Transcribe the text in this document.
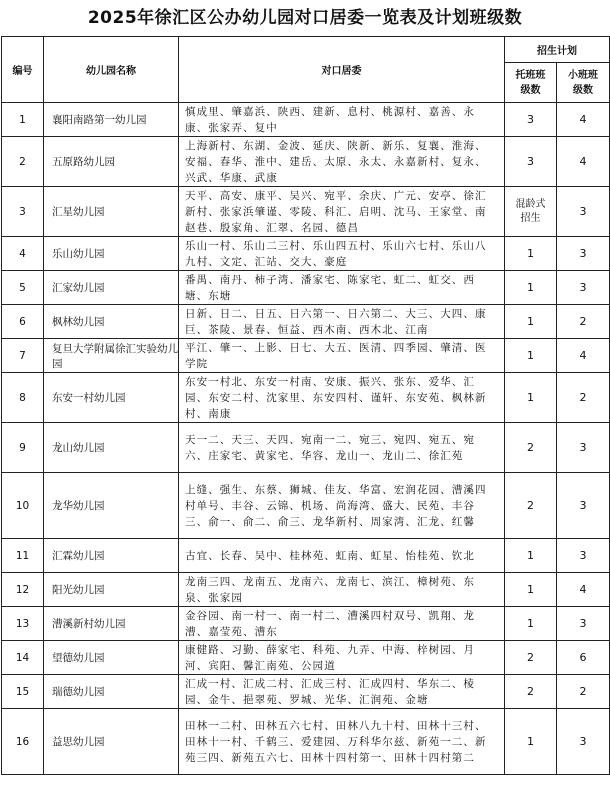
2025年徐汇区公办幼儿园对口居委一览表及计划班级数
编号	幼儿园名称	对口居委	招生计划	
			托班班级数	小班班级数
1	襄阳南路第一幼儿园	慎成里、肇嘉浜、陕西、建新、息村、桃源村、嘉善、永康、张家弄、复中	3	4
2	五原路幼儿园	上海新村、东湖、金波、延庆、陕新、新乐、复襄、淮海、安福、春华、淮中、建岳、太原、永太、永嘉新村、复永、兴武、华康、武康	3	4
3	汇星幼儿园	天平、高安、康平、吴兴、宛平、余庆、广元、安亭、徐汇新村、张家浜肇谨、零陵、科汇、启明、沈马、王家堂、南赵巷、殷家角、汇翠、名园、德昌	混龄式招生	3
4	乐山幼儿园	乐山一村、乐山二三村、乐山四五村、乐山六七村、乐山八九村、文定、汇站、交大、豪庭	1	3
5	汇家幼儿园	番禺、南丹、柿子湾、潘家宅、陈家宅、虹二、虹交、西塘、东塘	1	3
6	枫林幼儿园	日新、日二、日五、日六第一、日六第二、大三、大四、康巨、茶陵、景春、恒益、西木南、西木北、江南	1	2
7	复旦大学附属徐汇实验幼儿园	平江、肇一、上影、日七、大五、医清、四季园、肇清、医学院	1	4
8	东安一村幼儿园	东安一村北、东安一村南、安康、振兴、张东、爱华、汇园、东安二村、沈家里、东安四村、谨轩、东安苑、枫林新村、南康	1	2
9	龙山幼儿园	天一二、天三、天四、宛南一二、宛三、宛四、宛五、宛六、庄家宅、黄家宅、华容、龙山一、龙山二、徐汇苑	2	3
10	龙华幼儿园	上缝、强生、东蔡、狮城、佳友、华富、宏润花园、漕溪四村单号、丰谷、云锦、机场、尚海湾、盛大、民苑、丰谷三、俞一、俞二、俞三、龙华新村、周家湾、汇龙、红馨	2	3
11	汇霖幼儿园	古宜、长春、吴中、桂林苑、虹南、虹星、怡桂苑、钦北	1	3
12	阳光幼儿园	龙南三四、龙南五、龙南六、龙南七、滨江、樟树苑、东泉、张家园	1	4
13	漕溪新村幼儿园	金谷园、南一村一、南一村二、漕溪四村双号、凯翔、龙漕、嘉莹苑、漕东	1	3
14	望德幼儿园	康健路、习勤、薛家宅、科苑、九弄、中海、梓树园、月河、宾阳、馨汇南苑、公园道	2	6
15	瑞德幼儿园	汇成一村、汇成二村、汇成三村、汇成四村、华东二、棱园、金牛、挹翠苑、罗城、光华、汇润苑、金塘	2	2
16	益思幼儿园	田林一二村、田林五六七村、田林八九十村、田林十三村、田林十一村、千鹤三、爱建园、万科华尔兹、新苑一二、新苑三四、新苑五六七、田林十四村第一、田林十四村第二	1	3
